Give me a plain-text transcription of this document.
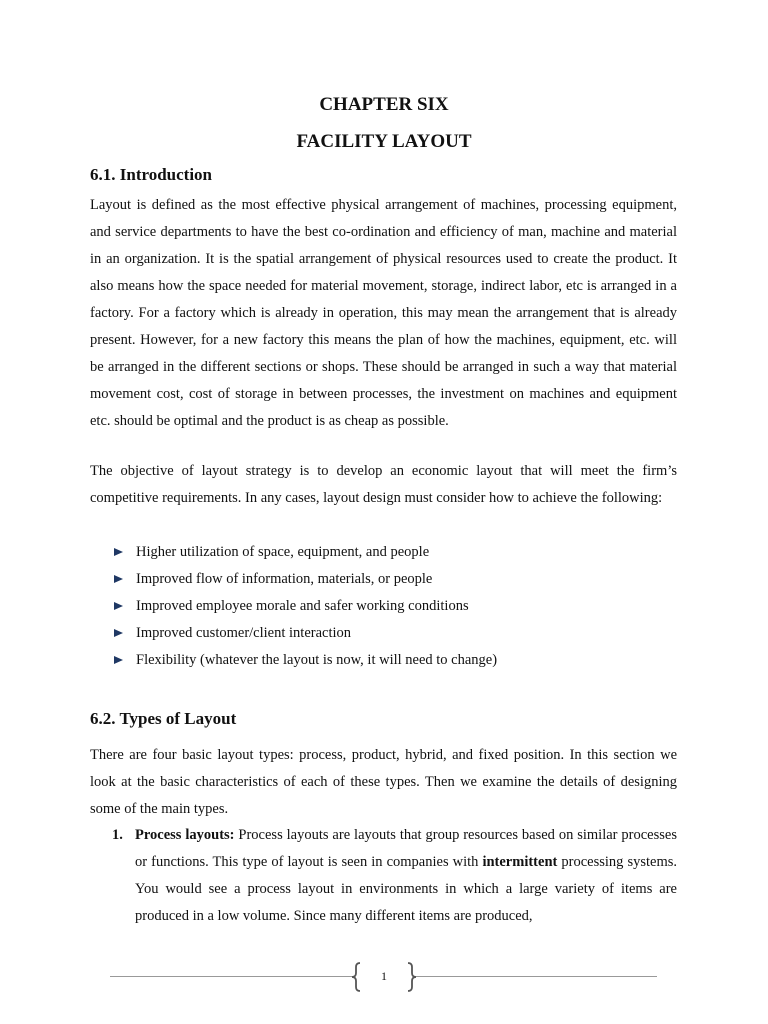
CHAPTER SIX
FACILITY LAYOUT
6.1. Introduction

Layout is defined as the most effective physical arrangement of machines, processing equipment, and service departments to have the best co-ordination and efficiency of man, machine and material in an organization. It is the spatial arrangement of physical resources used to create the product. It also means how the space needed for material movement, storage, indirect labor, etc is arranged in a factory. For a factory which is already in operation, this may mean the arrangement that is already present. However, for a new factory this means the plan of how the machines, equipment, etc. will be arranged in the different sections or shops. These should be arranged in such a way that material movement cost, cost of storage in between processes, the investment on machines and equipment etc. should be optimal and the product is as cheap as possible.

The objective of layout strategy is to develop an economic layout that will meet the firm’s competitive requirements. In any cases, layout design must consider how to achieve the following:

Higher utilization of space, equipment, and people
Improved flow of information, materials, or people
Improved employee morale and safer working conditions
Improved customer/client interaction
Flexibility (whatever the layout is now, it will need to change)
6.2. Types of Layout

There are four basic layout types: process, product, hybrid, and fixed position. In this section we look at the basic characteristics of each of these types. Then we examine the details of designing some of the main types.

1. Process layouts: Process layouts are layouts that group resources based on similar processes or functions. This type of layout is seen in companies with intermittent processing systems. You would see a process layout in environments in which a large variety of items are produced in a low volume. Since many different items are produced,
1
